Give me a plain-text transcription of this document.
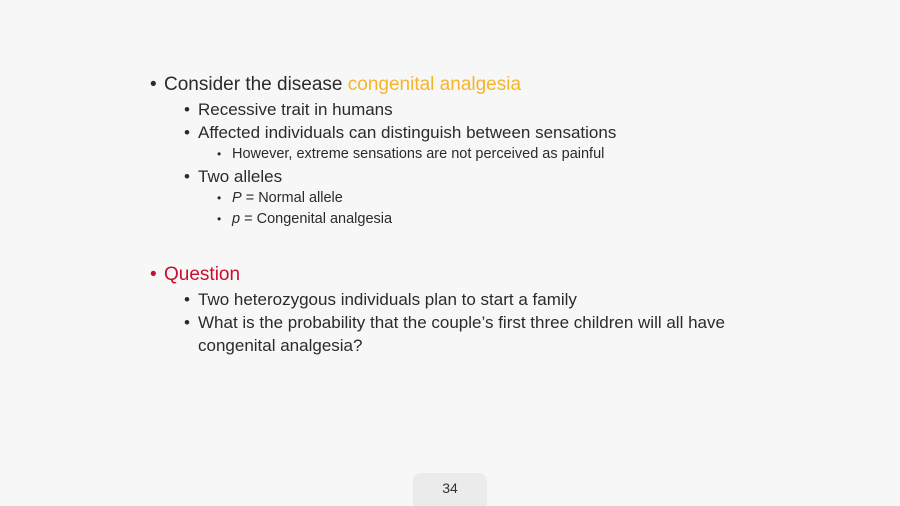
• Consider the disease congenital analgesia
• Recessive trait in humans
• Affected individuals can distinguish between sensations
• However, extreme sensations are not perceived as painful
• Two alleles
• P = Normal allele
• p = Congenital analgesia
• Question
• Two heterozygous individuals plan to start a family
• What is the probability that the couple’s first three children will all have congenital analgesia?
34
